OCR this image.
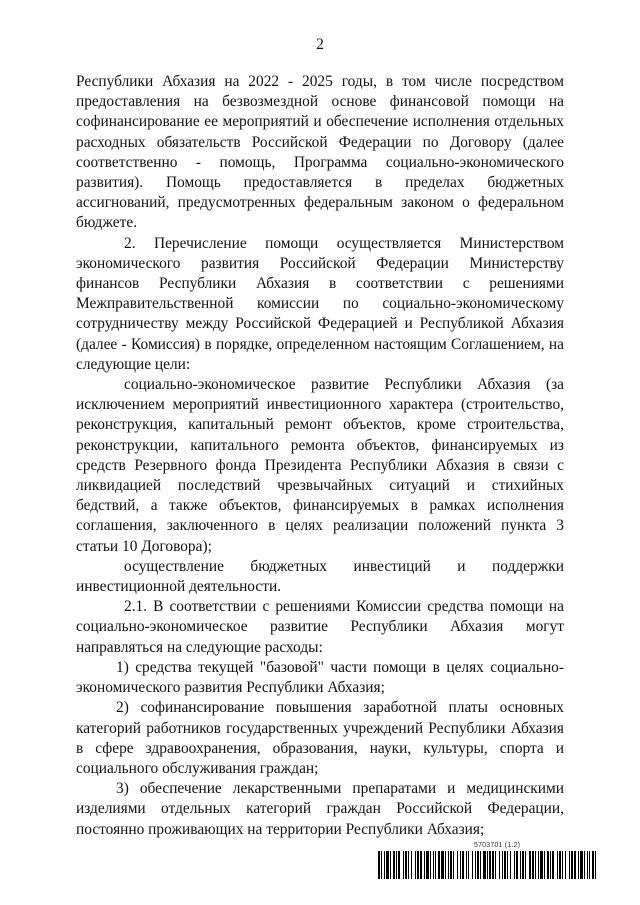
2

Республики Абхазия на 2022 - 2025 годы, в том числе посредством предоставления на безвозмездной основе финансовой помощи на софинансирование ее мероприятий и обеспечение исполнения отдельных расходных обязательств Российской Федерации по Договору (далее соответственно - помощь, Программа социально-экономического развития). Помощь предоставляется в пределах бюджетных ассигнований, предусмотренных федеральным законом о федеральном бюджете.

2. Перечисление помощи осуществляется Министерством экономического развития Российской Федерации Министерству финансов Республики Абхазия в соответствии с решениями Межправительственной комиссии по социально-экономическому сотрудничеству между Российской Федерацией и Республикой Абхазия (далее - Комиссия) в порядке, определенном настоящим Соглашением, на следующие цели:

социально-экономическое развитие Республики Абхазия (за исключением мероприятий инвестиционного характера (строительство, реконструкция, капитальный ремонт объектов, кроме строительства, реконструкции, капитального ремонта объектов, финансируемых из средств Резервного фонда Президента Республики Абхазия в связи с ликвидацией последствий чрезвычайных ситуаций и стихийных бедствий, а также объектов, финансируемых в рамках исполнения соглашения, заключенного в целях реализации положений пункта 3 статьи 10 Договора);

осуществление бюджетных инвестиций и поддержки инвестиционной деятельности.

2.1. В соответствии с решениями Комиссии средства помощи на социально-экономическое развитие Республики Абхазия могут направляться на следующие расходы:

1) средства текущей "базовой" части помощи в целях социально-экономического развития Республики Абхазия;

2) софинансирование повышения заработной платы основных категорий работников государственных учреждений Республики Абхазия в сфере здравоохранения, образования, науки, культуры, спорта и социального обслуживания граждан;

3) обеспечение лекарственными препаратами и медицинскими изделиями отдельных категорий граждан Российской Федерации, постоянно проживающих на территории Республики Абхазия;

5703701 (1.2)
